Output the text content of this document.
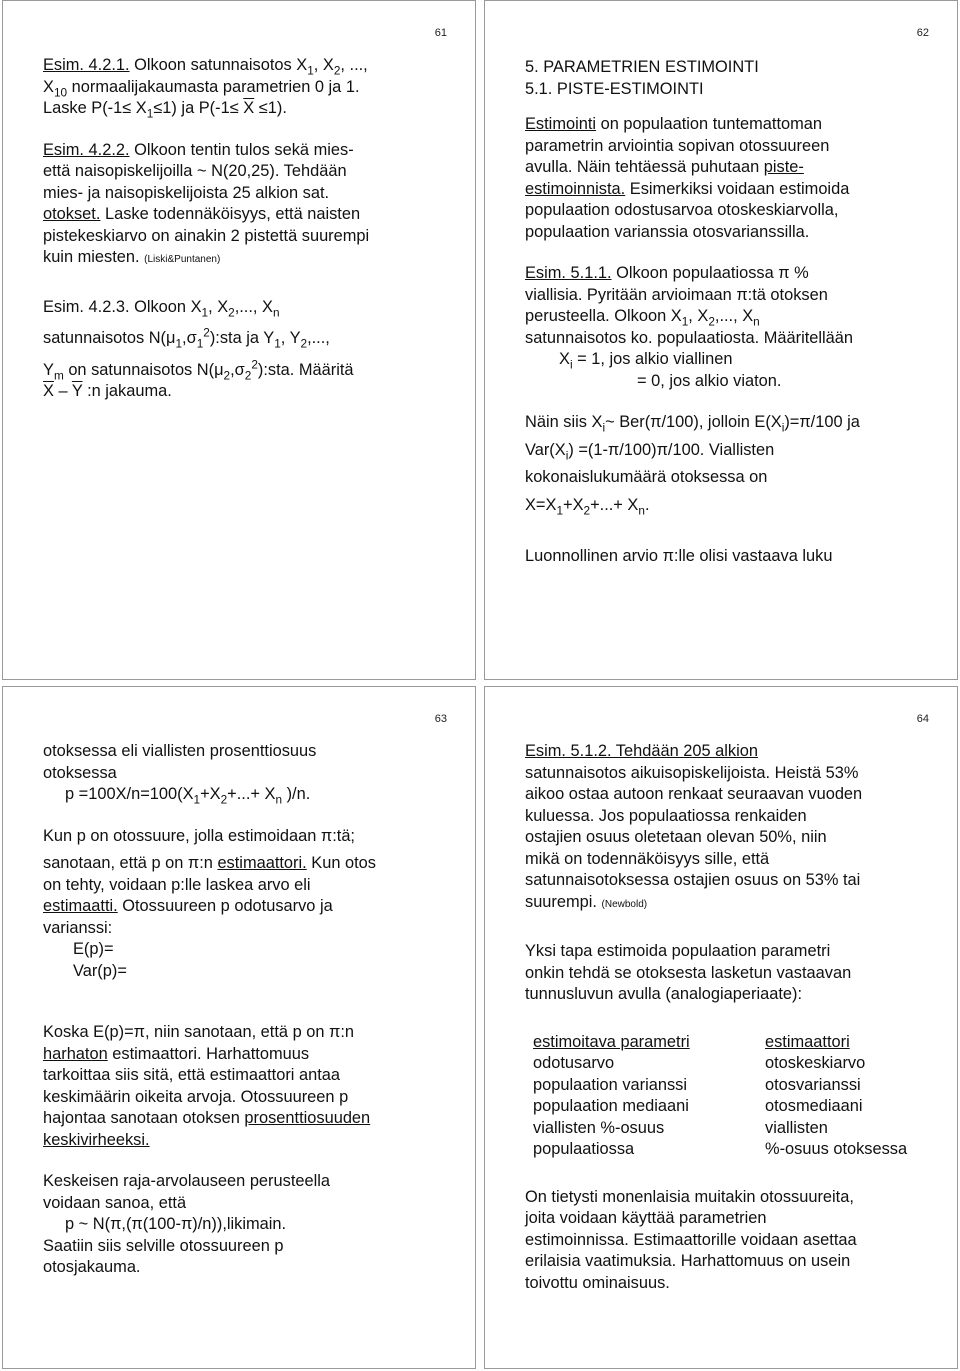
61

Esim. 4.2.1. Olkoon satunnaisotos $X_1$, $X_2$, ...,

$X_{10}$ normaalijakaumasta parametrien 0 ja 1.

Laske $P(-1\le X_1\le 1)$ ja $P(-1\le \overline{X} \le 1)$.

Esim. 4.2.2. Olkoon tentin tulos sekä mies-

että naisopiskelijoilla ~ N(20,25). Tehdään

mies- ja naisopiskelijoista 25 alkion sat.

otokset. Laske todennäköisyys, että naisten

pistekeskiarvo on ainakin 2 pistettä suurempi

kuin miesten. (Liski&Puntanen)

Esim. 4.2.3. Olkoon $X_1$, $X_2$,..., $X_n$

satunnaisotos $N(\mu_1,\sigma_1^2):sta$ ja $Y_1$, $Y_2$,...,

$Y_m$ on satunnaisotos $N(\mu_2,\sigma_2^2):sta$. Määritä

$\overline{X} - \overline{Y}$ :n jakauma.

62

5. PARAMETRIEN ESTIMOINTI

5.1. PISTE-ESTIMOINTI

Estimointi on populaation tuntemattoman

parametrin arviointia sopivan otossuureen

avulla. Näin tehtäessä puhutaan piste-

estimoinnista. Esimerkiksi voidaan estimoida

populaation odostusarvoa otoskeskiarvolla,

populaation varianssia otosvarianssilla.

Esim. 5.1.1. Olkoon populaatiossa π %

viallisia. Pyritään arvioimaan π:tä otoksen

perusteella. Olkoon $X_1$, $X_2$,..., $X_n$

satunnaisotos ko. populaatiosta. Määritellään

$X_i = 1$, jos alkio viallinen

= 0, jos alkio viaton.

Näin siis $X_i\sim$ Ber(π/100), jolloin $E(X_i)=\pi/100$ ja

$Var(X_i) =(1-\pi/100)\pi/100$. Viallisten

kokonaislukumäärä otoksessa on

$X=X_1+X_2+...+ X_n$.

Luonnollinen arvio π:lle olisi vastaava luku

63

otoksessa eli viallisten prosenttiosuus

otoksessa

$p =100X/n=100(X_1+X_2+...+ X_n$ )/n.

Kun p on otossuure, jolla estimoidaan π:tä;

sanotaan, että p on π:n estimaattori. Kun otos

on tehty, voidaan p:lle laskea arvo eli

estimaatti. Otossuureen p odotusarvo ja

varianssi:

E(p)=

Var(p)=

Koska E(p)=π, niin sanotaan, että p on π:n

harhaton estimaattori. Harhattomuus

tarkoittaa siis sitä, että estimaattori antaa

keskimäärin oikeita arvoja. Otossuureen p

hajontaa sanotaan otoksen prosenttiosuuden

keskivirheeksi.

Keskeisen raja-arvolauseen perusteella

voidaan sanoa, että

p ~ N(π,(π(100-π)/n)),likimain.

Saatiin siis selville otossuureen p

otosjakauma.

64

Esim. 5.1.2. Tehdään 205 alkion

satunnaisotos aikuisopiskelijoista. Heistä 53%

aikoo ostaa autoon renkaat seuraavan vuoden

kuluessa. Jos populaatiossa renkaiden

ostajien osuus oletetaan olevan 50%, niin

mikä on todennäköisyys sille, että

satunnaisotoksessa ostajien osuus on 53% tai

suurempi. (Newbold)

Yksi tapa estimoida populaation parametri

onkin tehdä se otoksesta lasketun vastaavan

tunnusluvun avulla (analogiaperiaate):

estimoitava parametri	estimaattori
odotusarvo	otoskeskiarvo
populaation varianssi	otosvarianssi
populaation mediaani	otosmediaani
viallisten %-osuus	viallisten
populaatiossa	%-osuus otoksessa

On tietysti monenlaisia muitakin otossuureita,

joita voidaan käyttää parametrien

estimoinnissa. Estimaattorille voidaan asettaa

erilaisia vaatimuksia. Harhattomuus on usein

toivottu ominaisuus.
